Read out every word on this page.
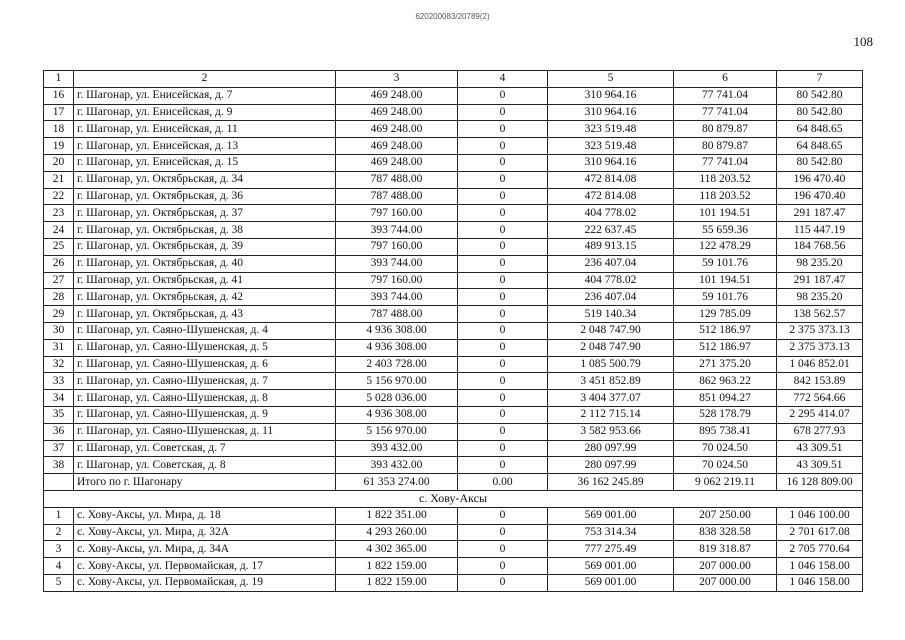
620200083/20789(2)
108
1	2	3	4	5	6	7
16	г. Шагонар, ул. Енисейская, д. 7	469 248.00	0	310 964.16	77 741.04	80 542.80
17	г. Шагонар, ул. Енисейская, д. 9	469 248.00	0	310 964.16	77 741.04	80 542.80
18	г. Шагонар, ул. Енисейская, д. 11	469 248.00	0	323 519.48	80 879.87	64 848.65
19	г. Шагонар, ул. Енисейская, д. 13	469 248.00	0	323 519.48	80 879.87	64 848.65
20	г. Шагонар, ул. Енисейская, д. 15	469 248.00	0	310 964.16	77 741.04	80 542.80
21	г. Шагонар, ул. Октябрьская, д. 34	787 488.00	0	472 814.08	118 203.52	196 470.40
22	г. Шагонар, ул. Октябрьская, д. 36	787 488.00	0	472 814.08	118 203.52	196 470.40
23	г. Шагонар, ул. Октябрьская, д. 37	797 160.00	0	404 778.02	101 194.51	291 187.47
24	г. Шагонар, ул. Октябрьская, д. 38	393 744.00	0	222 637.45	55 659.36	115 447.19
25	г. Шагонар, ул. Октябрьская, д. 39	797 160.00	0	489 913.15	122 478.29	184 768.56
26	г. Шагонар, ул. Октябрьская, д. 40	393 744.00	0	236 407.04	59 101.76	98 235.20
27	г. Шагонар, ул. Октябрьская, д. 41	797 160.00	0	404 778.02	101 194.51	291 187.47
28	г. Шагонар, ул. Октябрьская, д. 42	393 744.00	0	236 407.04	59 101.76	98 235.20
29	г. Шагонар, ул. Октябрьская, д. 43	787 488.00	0	519 140.34	129 785.09	138 562.57
30	г. Шагонар, ул. Саяно-Шушенская, д. 4	4 936 308.00	0	2 048 747.90	512 186.97	2 375 373.13
31	г. Шагонар, ул. Саяно-Шушенская, д. 5	4 936 308.00	0	2 048 747.90	512 186.97	2 375 373.13
32	г. Шагонар, ул. Саяно-Шушенская, д. 6	2 403 728.00	0	1 085 500.79	271 375.20	1 046 852.01
33	г. Шагонар, ул. Саяно-Шушенская, д. 7	5 156 970.00	0	3 451 852.89	862 963.22	842 153.89
34	г. Шагонар, ул. Саяно-Шушенская, д. 8	5 028 036.00	0	3 404 377.07	851 094.27	772 564.66
35	г. Шагонар, ул. Саяно-Шушенская, д. 9	4 936 308.00	0	2 112 715.14	528 178.79	2 295 414.07
36	г. Шагонар, ул. Саяно-Шушенская, д. 11	5 156 970.00	0	3 582 953.66	895 738.41	678 277.93
37	г. Шагонар, ул. Советская, д. 7	393 432.00	0	280 097.99	70 024.50	43 309.51
38	г. Шагонар, ул. Советская, д. 8	393 432.00	0	280 097.99	70 024.50	43 309.51
	Итого по г. Шагонару	61 353 274.00	0.00	36 162 245.89	9 062 219.11	16 128 809.00
с. Хову-Аксы						
1	с. Хову-Аксы, ул. Мира, д. 18	1 822 351.00	0	569 001.00	207 250.00	1 046 100.00
2	с. Хову-Аксы, ул. Мира, д. 32А	4 293 260.00	0	753 314.34	838 328.58	2 701 617.08
3	с. Хову-Аксы, ул. Мира, д. 34А	4 302 365.00	0	777 275.49	819 318.87	2 705 770.64
4	с. Хову-Аксы, ул. Первомайская, д. 17	1 822 159.00	0	569 001.00	207 000.00	1 046 158.00
5	с. Хову-Аксы, ул. Первомайская, д. 19	1 822 159.00	0	569 001.00	207 000.00	1 046 158.00
